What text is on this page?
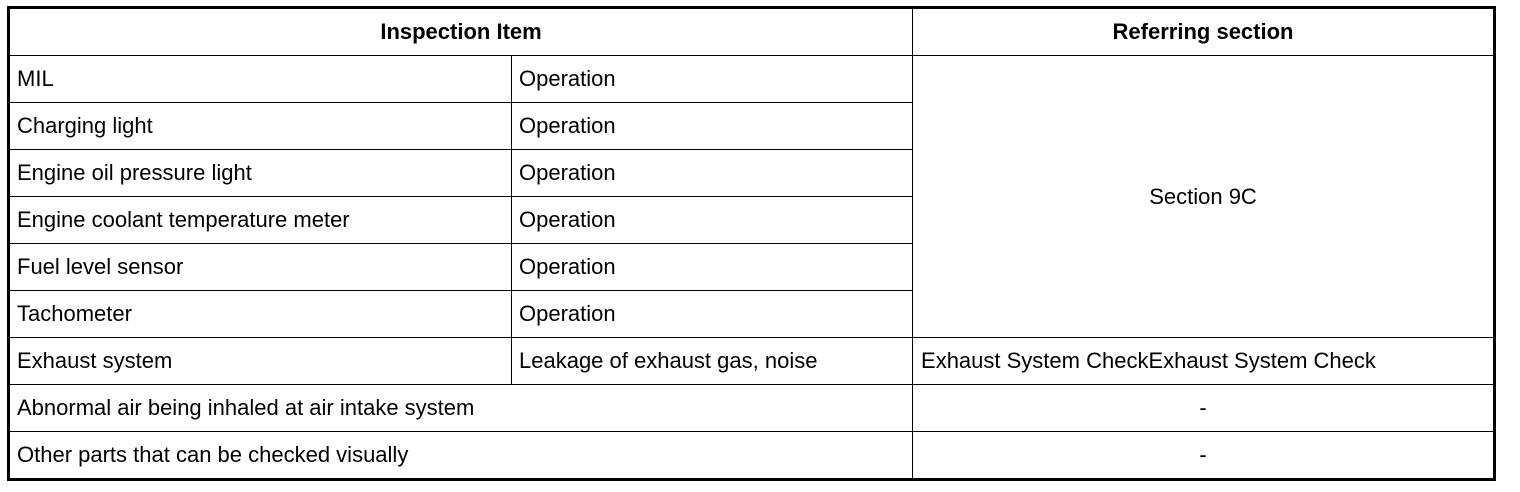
Inspection Item		Referring section
MIL	Operation	Section 9C
Charging light	Operation	
Engine oil pressure light	Operation	
Engine coolant temperature meter	Operation	
Fuel level sensor	Operation	
Tachometer	Operation	
Exhaust system	Leakage of exhaust gas, noise	Exhaust System CheckExhaust System Check
Abnormal air being inhaled at air intake system		-
Other parts that can be checked visually		-
